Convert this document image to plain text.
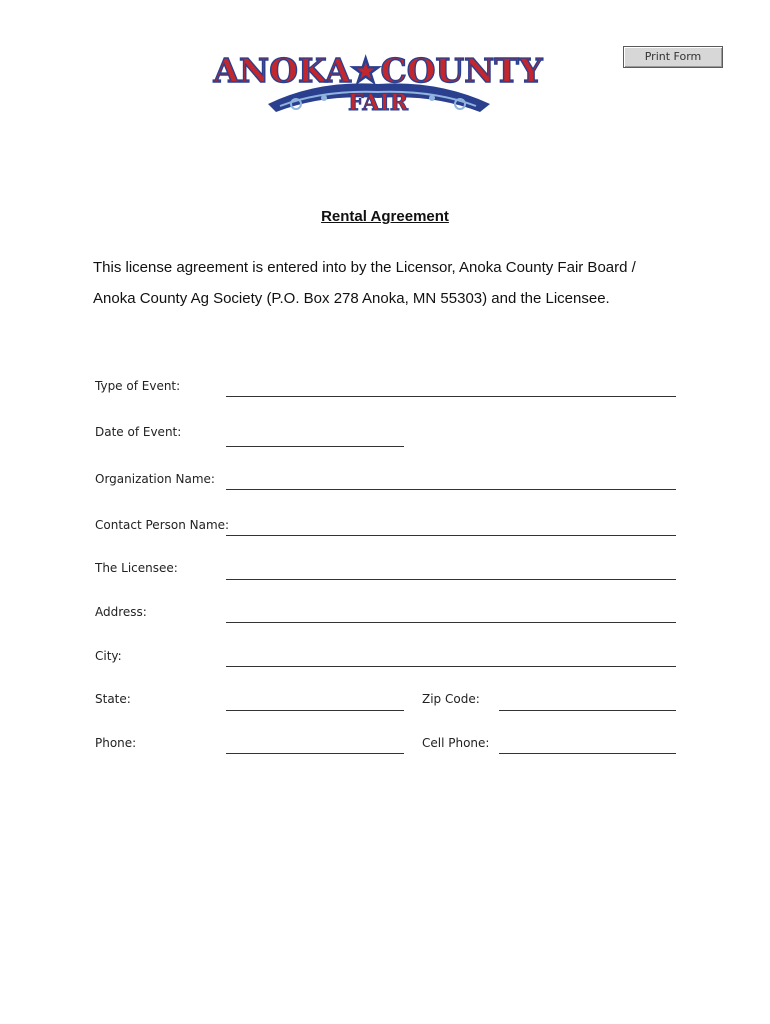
Print Form
ANOKA★COUNTY
FAIR
Rental Agreement
This license agreement is entered into by the Licensor, Anoka County Fair Board /
Anoka County Ag Society (P.O. Box 278 Anoka, MN 55303) and the Licensee.
Type of Event:
Date of Event:
Organization Name:
Contact Person Name:
The Licensee:
Address:
City:
State:	Zip Code:
Phone:	Cell Phone:
